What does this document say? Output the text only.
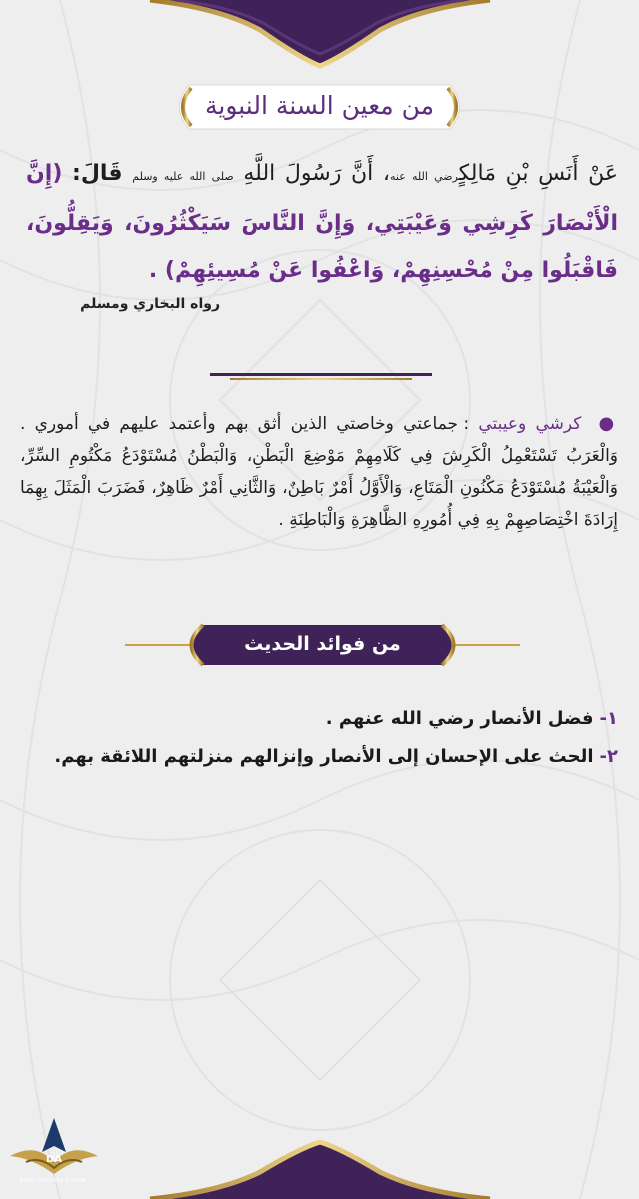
من معين السنة النبوية
عَنْ أَنَسِ بْنِ مَالِكٍرضي الله عنه، أَنَّ رَسُولَ اللَّهِ صلى الله عليه وسلم قَالَ: (إِنَّ الْأَنْصَارَ كَرِشِي وَعَيْبَتِي، وَإِنَّ النَّاسَ سَيَكْثُرُونَ، وَيَقِلُّونَ، فَاقْبَلُوا مِنْ مُحْسِنِهِمْ، وَاعْفُوا عَنْ مُسِيئِهِمْ) .
رواه البخاري ومسلم
● كرشي وعيبتي : جماعتي وخاصتي الذين أثق بهم وأعتمد عليهم في أموري . وَالْعَرَبُ تَسْتَعْمِلُ الْكَرِشَ فِي كَلَامِهِمْ مَوْضِعَ الْبَطْنِ، وَالْبَطْنُ مُسْتَوْدَعُ مَكْتُومِ السِّرِّ، وَالْعَيْبَةُ مُسْتَوْدَعُ مَكْنُونِ الْمَتَاعِ، وَالْأَوَّلُ أَمْرٌ بَاطِنٌ، وَالثَّانِي أَمْرٌ ظَاهِرٌ، فَضَرَبَ الْمَثَلَ بِهِمَا إِرَادَةَ اخْتِصَاصِهِمْ بِهِ فِي أُمُورِهِ الظَّاهِرَةِ وَالْبَاطِنَةِ .
من فوائد الحديث
١-فضل الأنصار رضي الله عنهم .
٢-الحث على الإحسان إلى الأنصار وإنزالهم منزلتهم اللائقة بهم.
DA
ARAB DEFENSE FORUM
